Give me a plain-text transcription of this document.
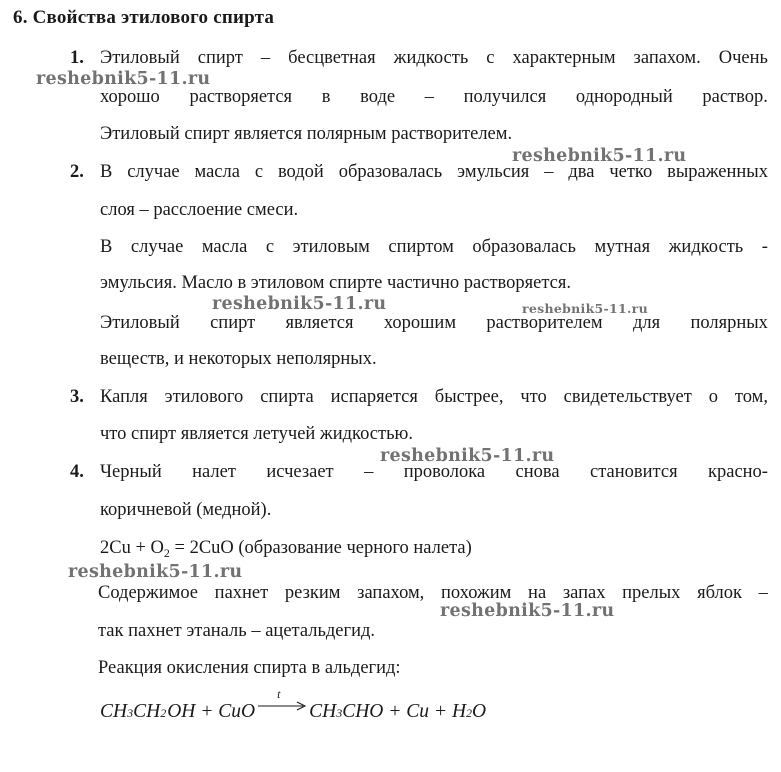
6. Свойства этилового спирта
1. Этиловый спирт – бесцветная жидкость с характерным запахом. Очень
хорошо растворяется в воде – получился однородный раствор.
Этиловый спирт является полярным растворителем.
2. В случае масла с водой образовалась эмульсия – два четко выраженных
слоя – расслоение смеси.
В случае масла с этиловым спиртом образовалась мутная жидкость -
эмульсия. Масло в этиловом спирте частично растворяется.
Этиловый спирт является хорошим растворителем для полярных
веществ, и некоторых неполярных.
3. Капля этилового спирта испаряется быстрее, что свидетельствует о том,
что спирт является летучей жидкостью.
4. Черный налет исчезает – проволока снова становится красно-
коричневой (медной).
$2Cu + O_2 = 2CuO$ (образование черного налета)
Содержимое пахнет резким запахом, похожим на запах прелых яблок –
так пахнет этаналь – ацетальдегид.
Реакция окисления спирта в альдегид:
CH 3 CH 2 OH + CuO
t
CH 3 CHO + Cu + H 2 O
reshebnik5-11.ru
reshebnik5-11.ru
reshebnik5-11.ru	reshebnik5-11.ru
reshebnik5-11.ru
reshebnik5-11.ru
reshebnik5-11.ru
